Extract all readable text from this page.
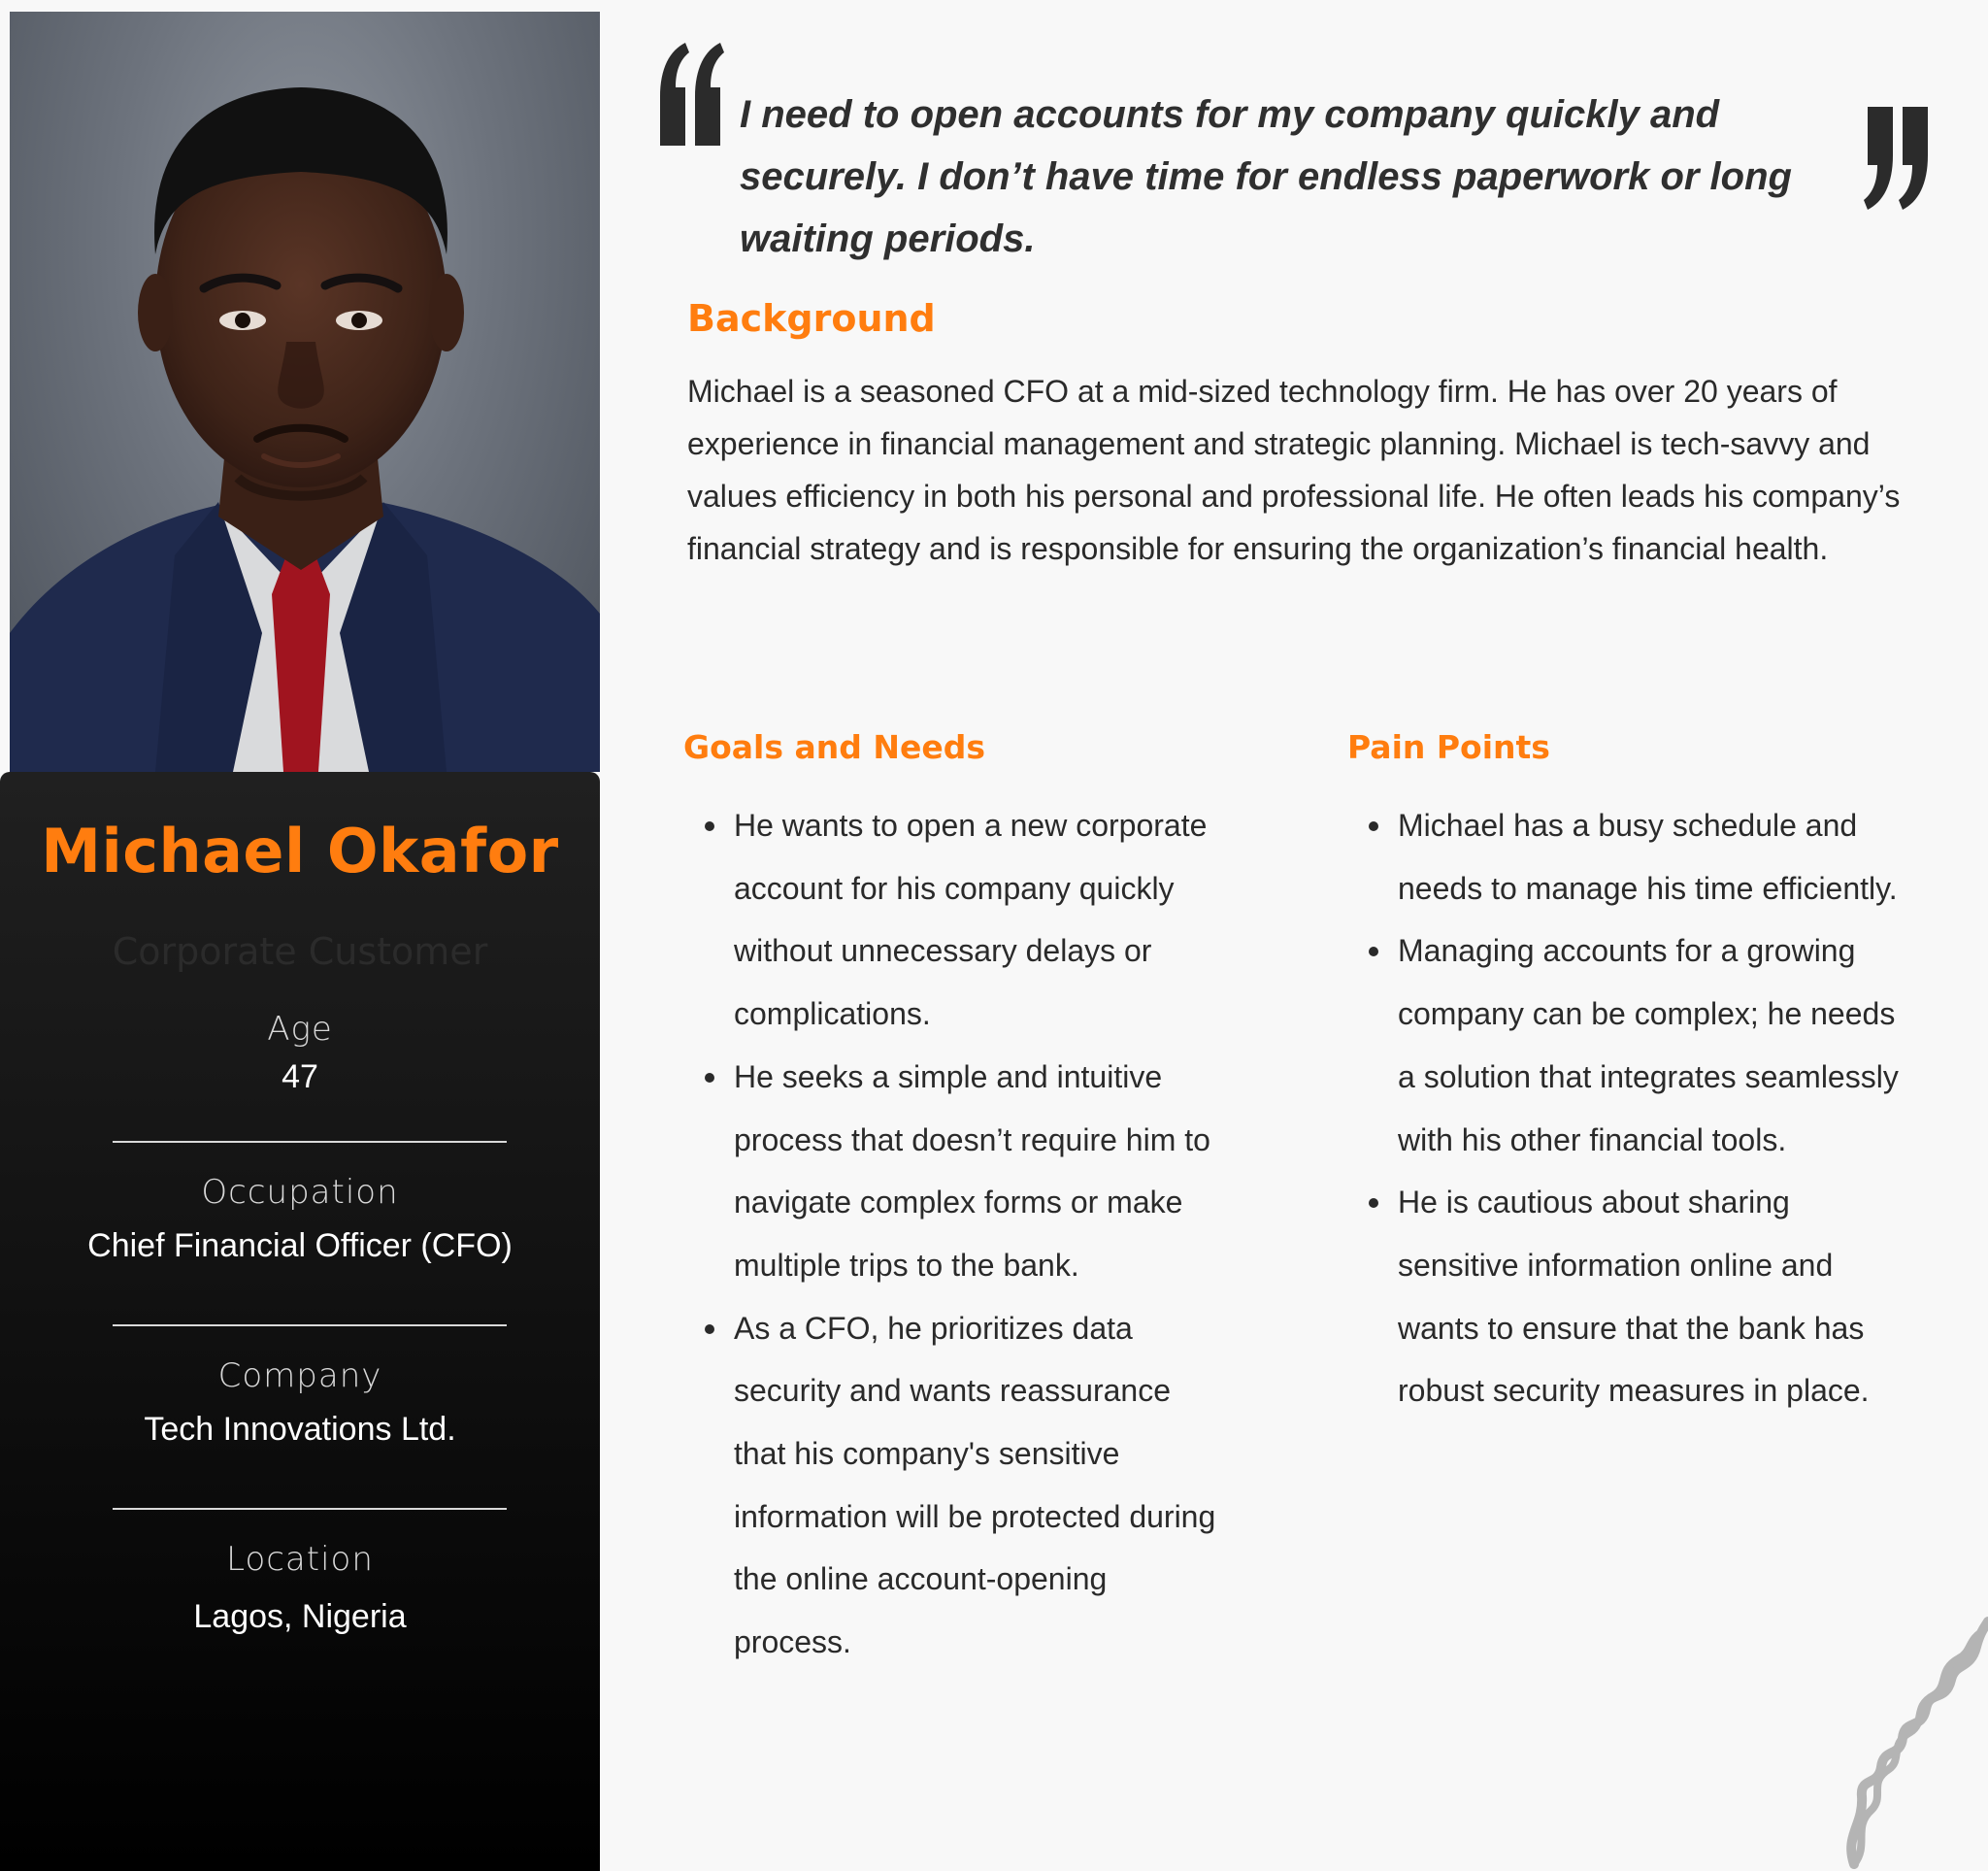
Michael Okafor
Corporate Customer
Age
47
Occupation
Chief Financial Officer (CFO)
Company
Tech Innovations Ltd.
Location
Lagos, Nigeria

I need to open accounts for my company quickly and securely. I don’t have time for endless paperwork or long waiting periods.

Background

Michael is a seasoned CFO at a mid-sized technology firm. He has over 20 years of experience in financial management and strategic planning. Michael is tech-savvy and values efficiency in both his personal and professional life. He often leads his company’s financial strategy and is responsible for ensuring the organization’s financial health.

Goals and Needs
He wants to open a new corporate account for his company quickly without unnecessary delays or complications.
He seeks a simple and intuitive process that doesn’t require him to navigate complex forms or make multiple trips to the bank.
As a CFO, he prioritizes data security and wants reassurance that his company's sensitive information will be protected during the online account-opening process.
Pain Points
Michael has a busy schedule and needs to manage his time efficiently.
Managing accounts for a growing company can be complex; he needs a solution that integrates seamlessly with his other financial tools.
He is cautious about sharing sensitive information online and wants to ensure that the bank has robust security measures in place.
